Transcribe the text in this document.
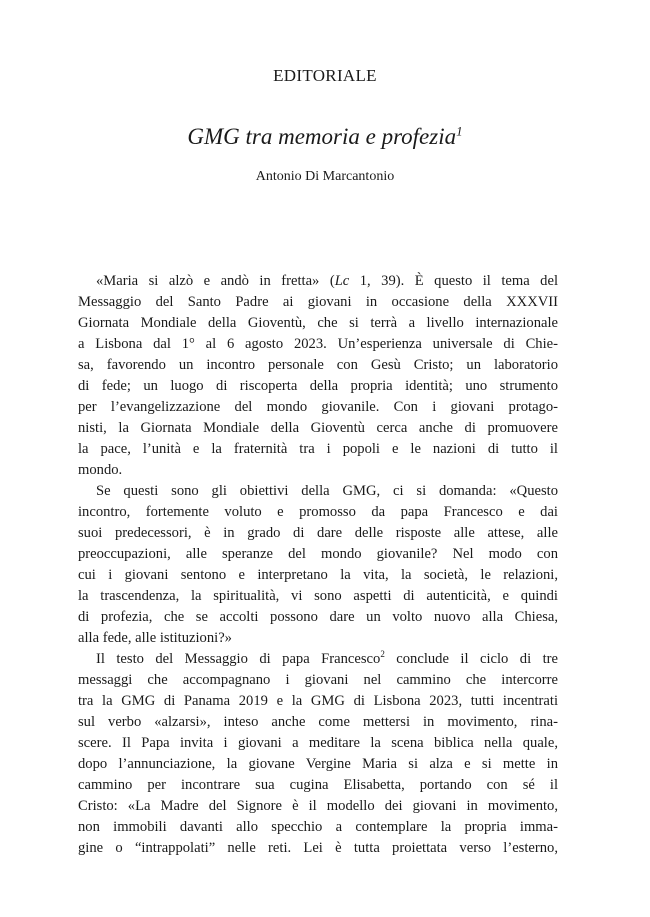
EDITORIALE
GMG tra memoria e profezia$^1$
Antonio Di Marcantonio

«Maria si alzò e andò in fretta» (Lc 1, 39). È questo il tema del
Messaggio del Santo Padre ai giovani in occasione della XXXVII
Giornata Mondiale della Gioventù, che si terrà a livello internazionale
a Lisbona dal 1° al 6 agosto 2023. Un’esperienza universale di Chie-
sa, favorendo un incontro personale con Gesù Cristo; un laboratorio
di fede; un luogo di riscoperta della propria identità; uno strumento
per l’evangelizzazione del mondo giovanile. Con i giovani protago-
nisti, la Giornata Mondiale della Gioventù cerca anche di promuovere
la pace, l’unità e la fraternità tra i popoli e le nazioni di tutto il
mondo.

Se questi sono gli obiettivi della GMG, ci si domanda: «Questo
incontro, fortemente voluto e promosso da papa Francesco e dai
suoi predecessori, è in grado di dare delle risposte alle attese, alle
preoccupazioni, alle speranze del mondo giovanile? Nel modo con
cui i giovani sentono e interpretano la vita, la società, le relazioni,
la trascendenza, la spiritualità, vi sono aspetti di autenticità, e quindi
di profezia, che se accolti possono dare un volto nuovo alla Chiesa,
alla fede, alle istituzioni?»

Il testo del Messaggio di papa Francesco$^2$ conclude il ciclo di tre
messaggi che accompagnano i giovani nel cammino che intercorre
tra la GMG di Panama 2019 e la GMG di Lisbona 2023, tutti incentrati
sul verbo «alzarsi», inteso anche come mettersi in movimento, rina-
scere. Il Papa invita i giovani a meditare la scena biblica nella quale,
dopo l’annunciazione, la giovane Vergine Maria si alza e si mette in
cammino per incontrare sua cugina Elisabetta, portando con sé il
Cristo: «La Madre del Signore è il modello dei giovani in movimento,
non immobili davanti allo specchio a contemplare la propria imma-
gine o “intrappolati” nelle reti. Lei è tutta proiettata verso l’esterno,
